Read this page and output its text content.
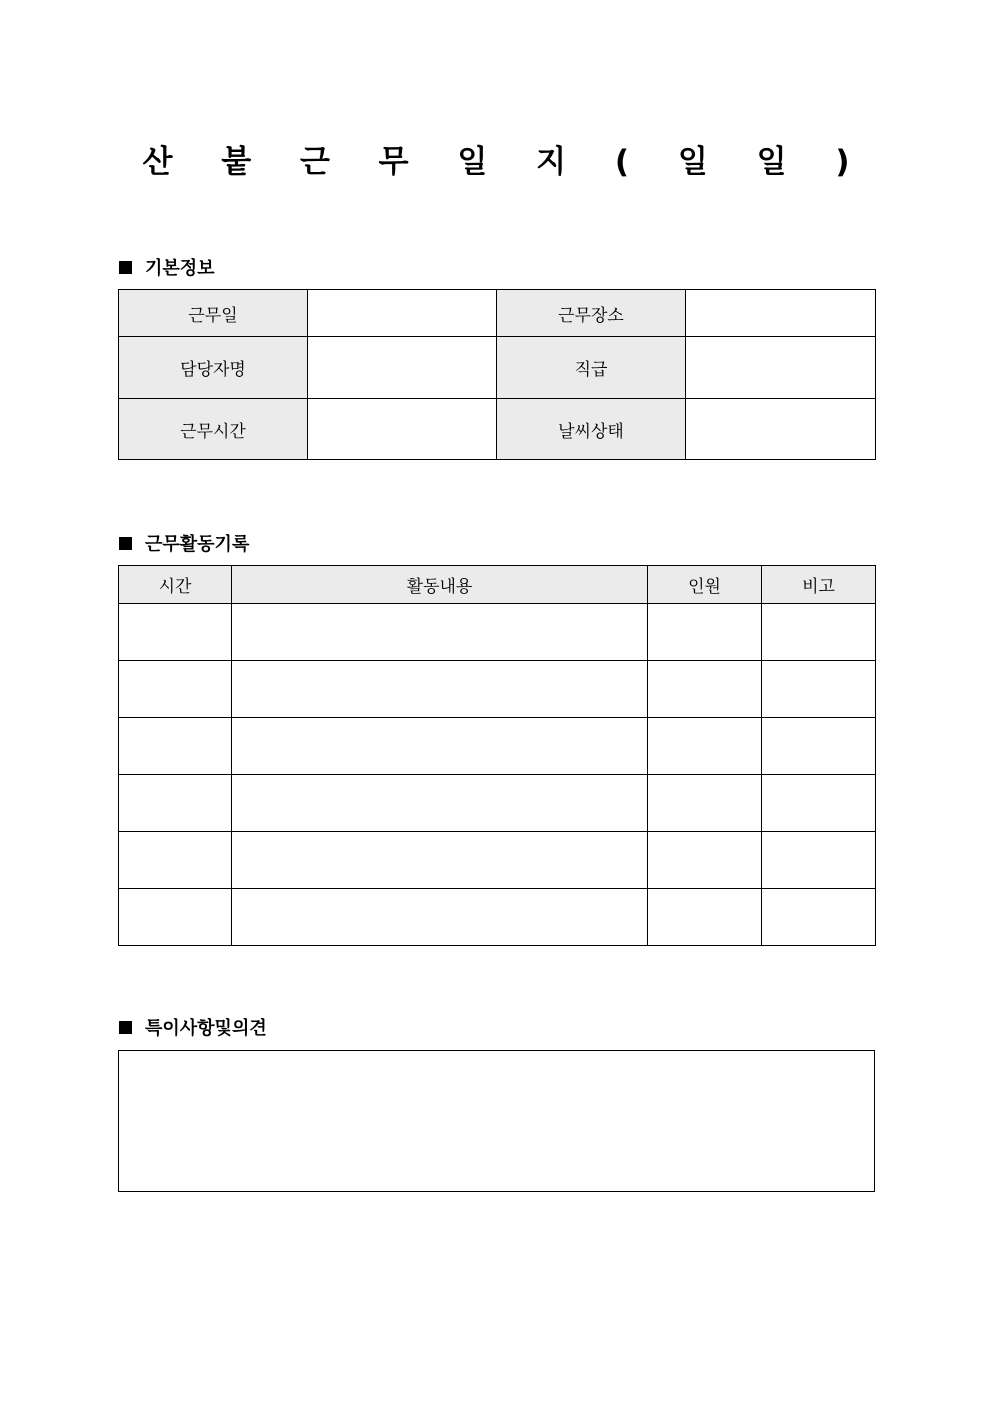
산 붙 근 무 일 지 ( 일 일 )
기본정보
근무일		근무장소	
담당자명		직급	
근무시간		날씨상태	
근무활동기록
시간	활동내용	인원	비고

특이사항및의견
